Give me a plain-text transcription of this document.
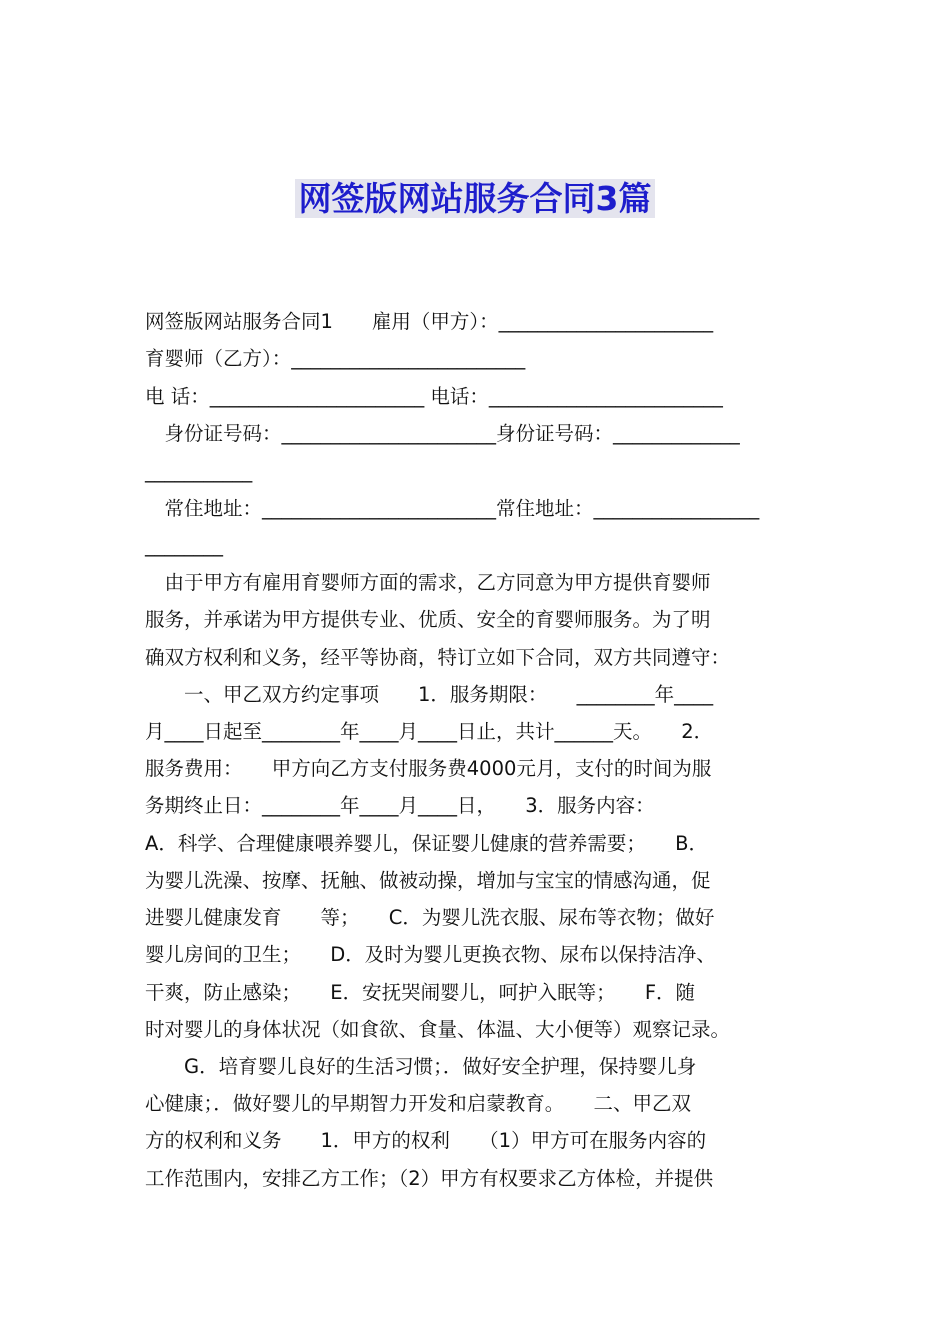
网签版网站服务合同3篇
网签版网站服务合同1　　雇用（甲方）：______________________
育婴师（乙方）：________________________
电 话：______________________ 电话：________________________
　身份证号码：______________________身份证号码：_____________
___________
　常住地址：________________________常住地址：_________________
________
　由于甲方有雇用育婴师方面的需求，乙方同意为甲方提供育婴师
服务，并承诺为甲方提供专业、优质、安全的育婴师服务。为了明
确双方权利和义务，经平等协商，特订立如下合同，双方共同遵守：
　　一、甲乙双方约定事项　　1．服务期限：　　________年____
月____日起至________年____月____日止，共计______天。　　2．
服务费用：　　甲方向乙方支付服务费4000元月，支付的时间为服
务期终止日：________年____月____日，　　3．服务内容：
A．科学、合理健康喂养婴儿，保证婴儿健康的营养需要；　　B．
为婴儿洗澡、按摩、抚触、做被动操，增加与宝宝的情感沟通，促
进婴儿健康发育　　等；　　C．为婴儿洗衣服、尿布等衣物；做好
婴儿房间的卫生；　　D．及时为婴儿更换衣物、尿布以保持洁净、
干爽，防止感染；　　E．安抚哭闹婴儿，呵护入眠等；　　F．随
时对婴儿的身体状况（如食欲、食量、体温、大小便等）观察记录。
　　G．培育婴儿良好的生活习惯；．做好安全护理，保持婴儿身
心健康；．做好婴儿的早期智力开发和启蒙教育。　　二、甲乙双
方的权利和义务　　1．甲方的权利　　（1）甲方可在服务内容的
工作范围内，安排乙方工作；（2）甲方有权要求乙方体检，并提供
